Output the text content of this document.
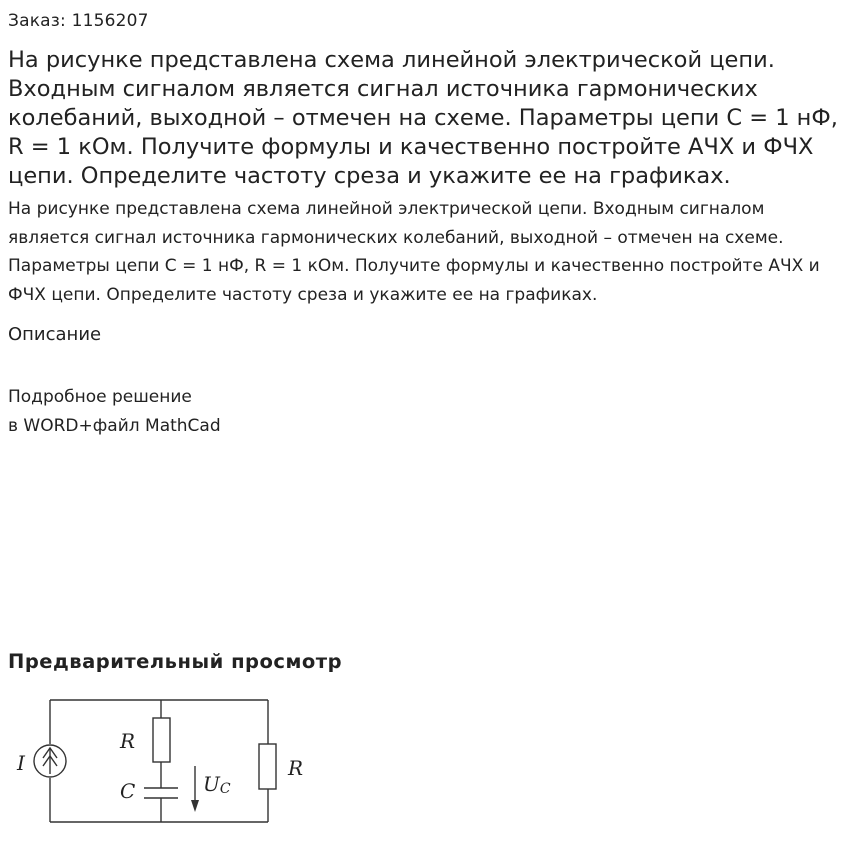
Заказ: 1156207

На рисунке представлена схема линейной электрической цепи. Входным сигналом является сигнал источника гармонических колебаний, выходной – отмечен на схеме. Параметры цепи С = 1 нФ, R = 1 кОм. Получите формулы и качественно постройте АЧХ и ФЧХ цепи. Определите частоту среза и укажите ее на графиках.

На рисунке представлена схема линейной электрической цепи. Входным сигналом является сигнал источника гармонических колебаний, выходной – отмечен на схеме. Параметры цепи С = 1 нФ, R = 1 кОм. Получите формулы и качественно постройте АЧХ и ФЧХ цепи. Определите частоту среза и укажите ее на графиках.

Описание

Подробное решение
в WORD+файл MathCad

Предварительный просмотр
I
R
C	UC
R
